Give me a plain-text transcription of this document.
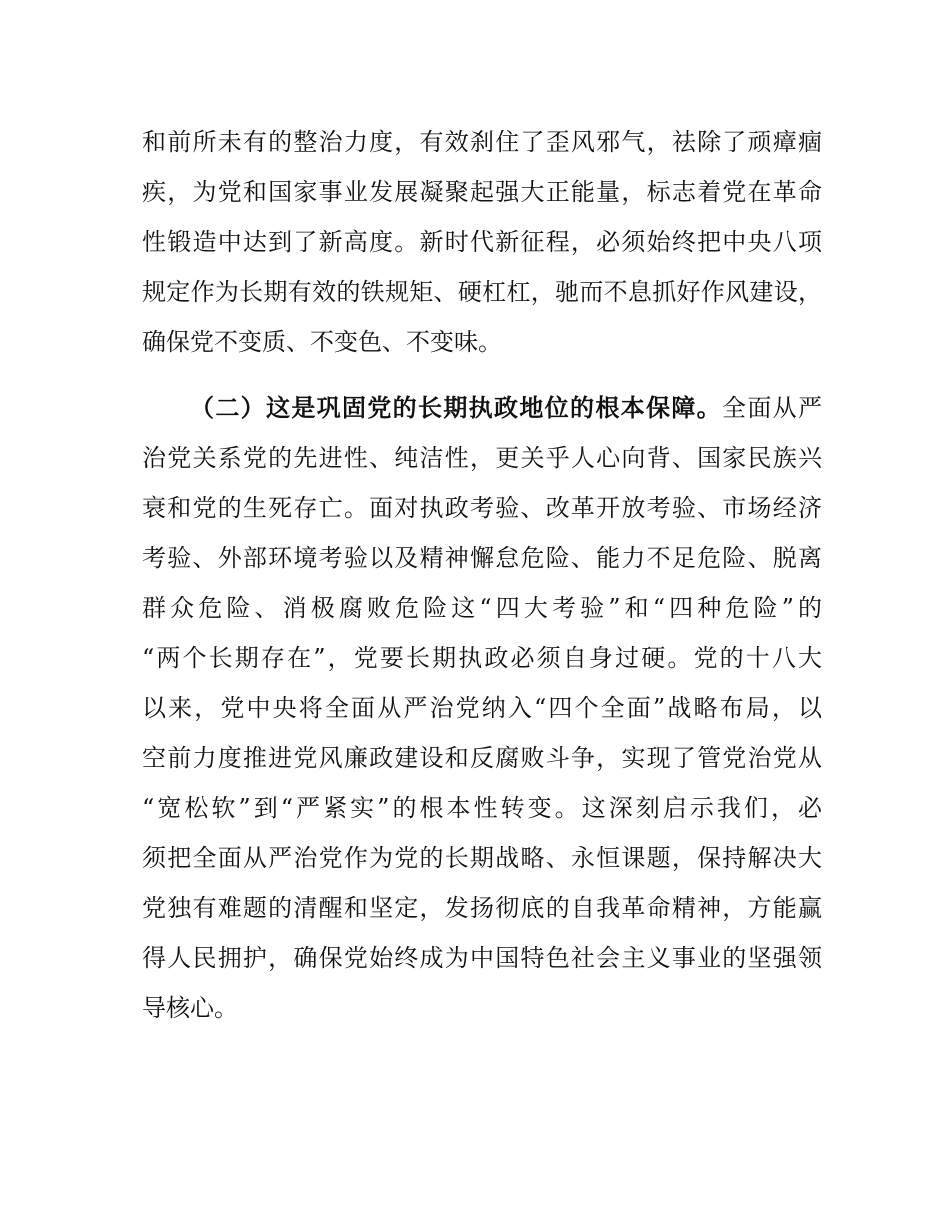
和前所未有的整治力度，有效刹住了歪风邪气，祛除了顽瘴痼
疾，为党和国家事业发展凝聚起强大正能量，标志着党在革命
性锻造中达到了新高度。新时代新征程，必须始终把中央八项
规定作为长期有效的铁规矩、硬杠杠，驰而不息抓好作风建设，
确保党不变质、不变色、不变味。
（二）这是巩固党的长期执政地位的根本保障。全面从严
治党关系党的先进性、纯洁性，更关乎人心向背、国家民族兴
衰和党的生死存亡。面对执政考验、改革开放考验、市场经济
考验、外部环境考验以及精神懈怠危险、能力不足危险、脱离
群众危险、消极腐败危险这“四大考验”和“四种危险”的
“两个长期存在”，党要长期执政必须自身过硬。党的十八大
以来，党中央将全面从严治党纳入“四个全面”战略布局，以
空前力度推进党风廉政建设和反腐败斗争，实现了管党治党从
“宽松软”到“严紧实”的根本性转变。这深刻启示我们，必
须把全面从严治党作为党的长期战略、永恒课题，保持解决大
党独有难题的清醒和坚定，发扬彻底的自我革命精神，方能赢
得人民拥护，确保党始终成为中国特色社会主义事业的坚强领
导核心。
